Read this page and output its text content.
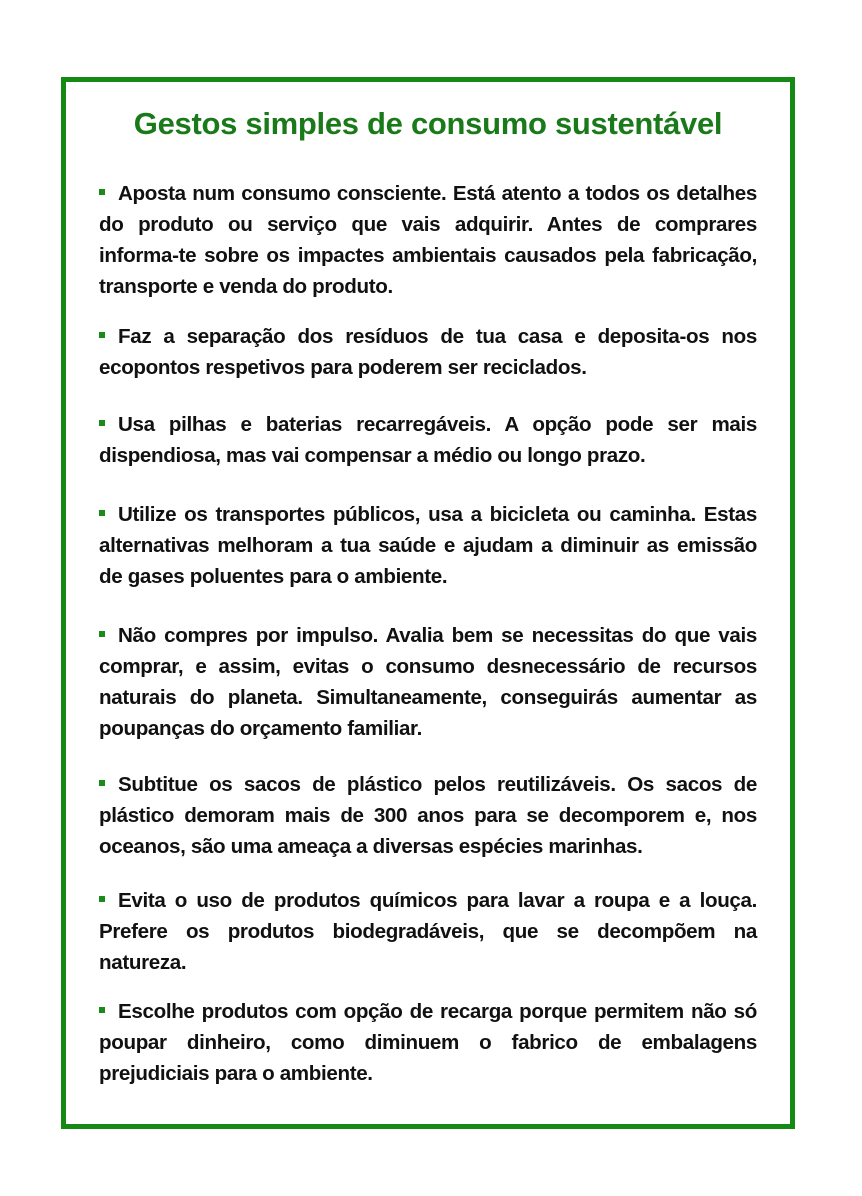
Gestos simples de consumo sustentável
Aposta num consumo consciente. Está atento a todos os detalhes do produto ou serviço que vais adquirir. Antes de comprares informa-te sobre os impactes ambientais causados pela fabricação, transporte e venda do produto.
Faz a separação dos resíduos de tua casa e deposita-os nos ecopontos respetivos para poderem ser reciclados.
Usa pilhas e baterias recarregáveis. A opção pode ser mais dispendiosa, mas vai compensar a médio ou longo prazo.
Utilize os transportes públicos, usa a bicicleta ou caminha. Estas alternativas melhoram a tua saúde e ajudam a diminuir as emissão de gases poluentes para o ambiente.
Não compres por impulso. Avalia bem se necessitas do que vais comprar, e assim, evitas o consumo desnecessário de recursos naturais do planeta. Simultaneamente, conseguirás aumentar as poupanças do orçamento familiar.
Subtitue os sacos de plástico pelos reutilizáveis. Os sacos de plástico demoram mais de 300 anos para se decomporem e, nos oceanos, são uma ameaça a diversas espécies marinhas.
Evita o uso de produtos químicos para lavar a roupa e a louça. Prefere os produtos biodegradáveis, que se decompõem na natureza.
Escolhe produtos com opção de recarga porque permitem não só poupar dinheiro, como diminuem o fabrico de embalagens prejudiciais para o ambiente.
